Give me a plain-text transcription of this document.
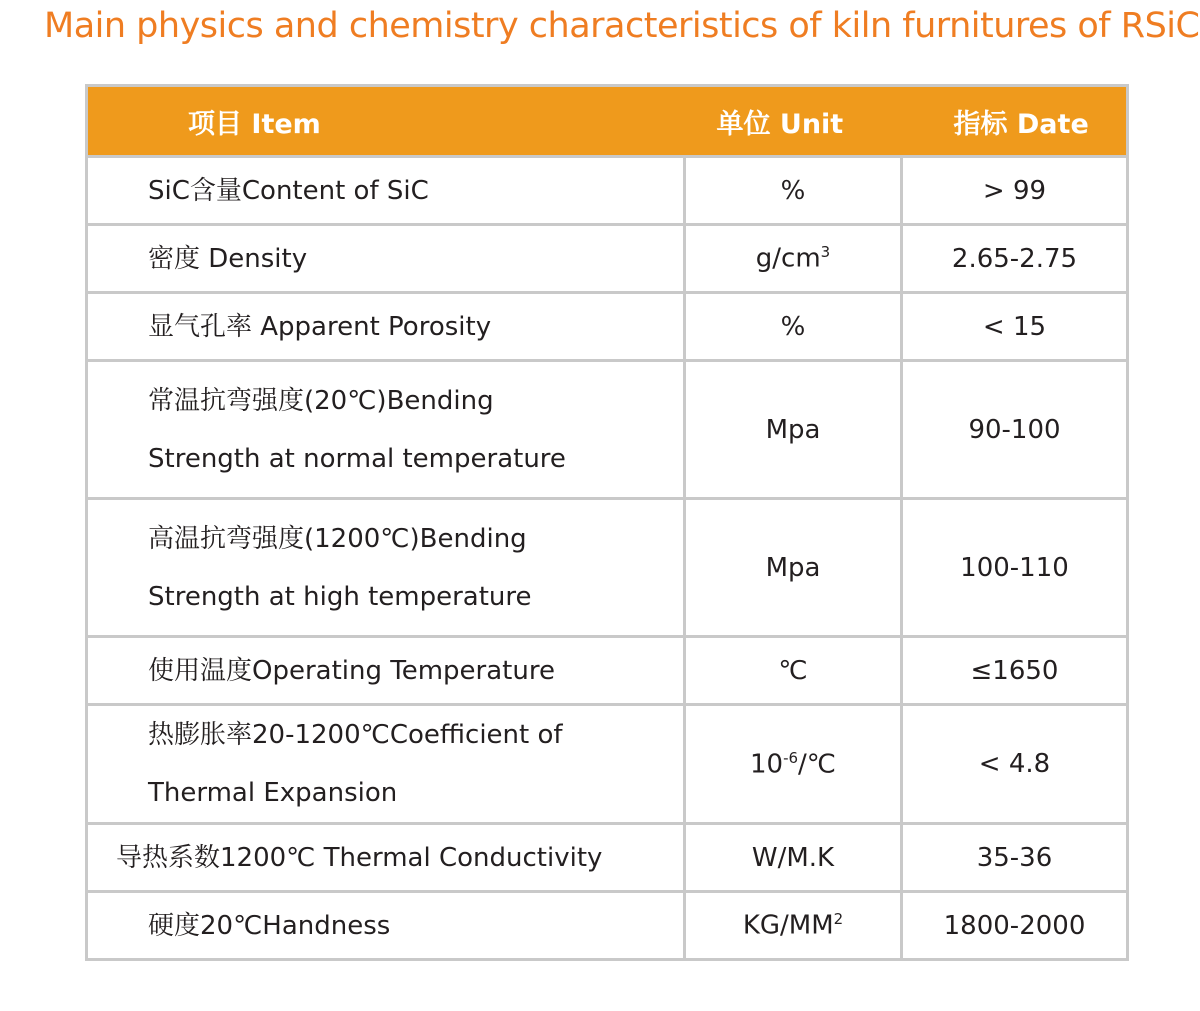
Main physics and chemistry characteristics of kiln furnitures of RSiC
项目 Item	单位 Unit	指标 Date

SiC含量Content of SiC	%	> 99

密度 Density	$g/cm^3$	2.65-2.75

显气孔率 Apparent Porosity	%	< 15

常温抗弯强度(20℃)Bending
Strength at normal temperature	Mpa	90-100

高温抗弯强度(1200℃)Bending
Strength at high temperature	Mpa	100-110

使用温度Operating Temperature	℃	≤1650

热膨胀率20-1200℃Coefficient of
Thermal Expansion	$10^{-6}/℃$	< 4.8

导热系数1200℃ Thermal Conductivity	W/M.K	35-36

硬度20℃Handness	$KG/MM^2$	1800-2000
